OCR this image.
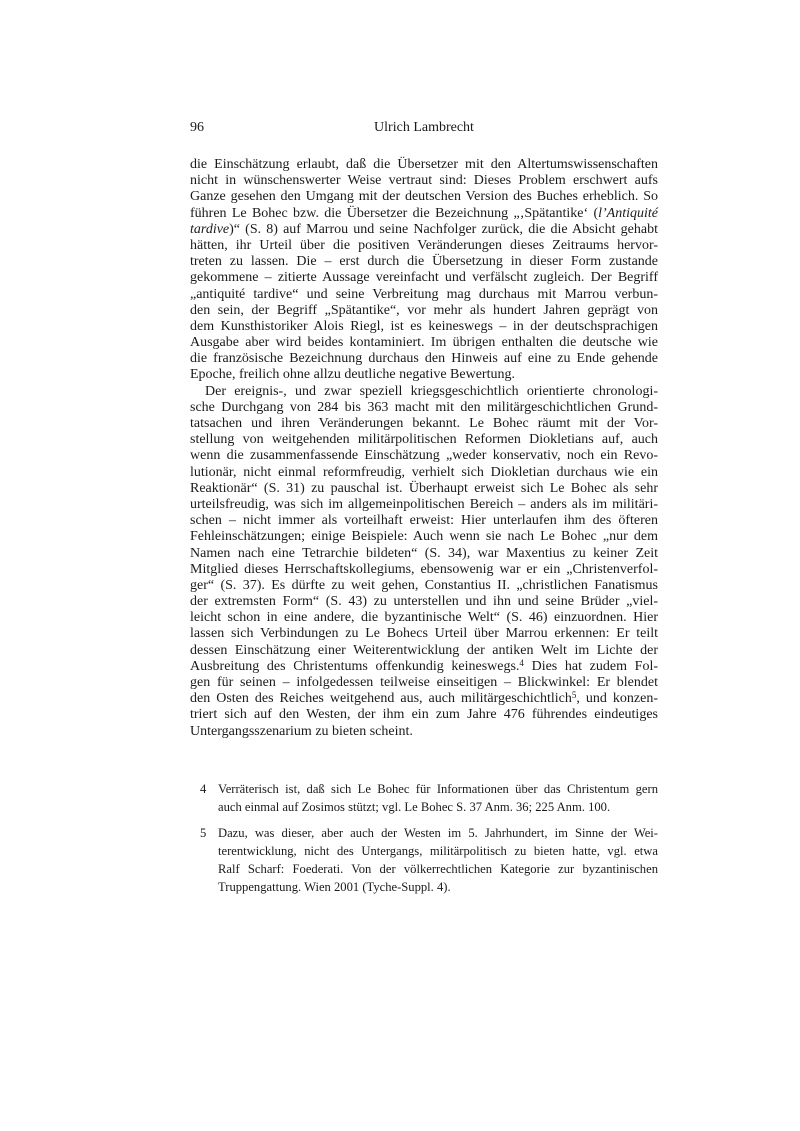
96	Ulrich Lambrecht
die Einschätzung erlaubt, daß die Übersetzer mit den Altertumswissenschaften
nicht in wünschenswerter Weise vertraut sind: Dieses Problem erschwert aufs
Ganze gesehen den Umgang mit der deutschen Version des Buches erheblich. So
führen Le Bohec bzw. die Übersetzer die Bezeichnung „‚Spätantike‘ (l’Antiquité
tardive)“ (S. 8) auf Marrou und seine Nachfolger zurück, die die Absicht gehabt
hätten, ihr Urteil über die positiven Veränderungen dieses Zeitraums hervor-
treten zu lassen. Die – erst durch die Übersetzung in dieser Form zustande
gekommene – zitierte Aussage vereinfacht und verfälscht zugleich. Der Begriff
„antiquité tardive“ und seine Verbreitung mag durchaus mit Marrou verbun-
den sein, der Begriff „Spätantike“, vor mehr als hundert Jahren geprägt von
dem Kunsthistoriker Alois Riegl, ist es keineswegs – in der deutschsprachigen
Ausgabe aber wird beides kontaminiert. Im übrigen enthalten die deutsche wie
die französische Bezeichnung durchaus den Hinweis auf eine zu Ende gehende
Epoche, freilich ohne allzu deutliche negative Bewertung.
Der ereignis-, und zwar speziell kriegsgeschichtlich orientierte chronologi-
sche Durchgang von 284 bis 363 macht mit den militärgeschichtlichen Grund-
tatsachen und ihren Veränderungen bekannt. Le Bohec räumt mit der Vor-
stellung von weitgehenden militärpolitischen Reformen Diokletians auf, auch
wenn die zusammenfassende Einschätzung „weder konservativ, noch ein Revo-
lutionär, nicht einmal reformfreudig, verhielt sich Diokletian durchaus wie ein
Reaktionär“ (S. 31) zu pauschal ist. Überhaupt erweist sich Le Bohec als sehr
urteilsfreudig, was sich im allgemeinpolitischen Bereich – anders als im militäri-
schen – nicht immer als vorteilhaft erweist: Hier unterlaufen ihm des öfteren
Fehleinschätzungen; einige Beispiele: Auch wenn sie nach Le Bohec „nur dem
Namen nach eine Tetrarchie bildeten“ (S. 34), war Maxentius zu keiner Zeit
Mitglied dieses Herrschaftskollegiums, ebensowenig war er ein „Christenverfol-
ger“ (S. 37). Es dürfte zu weit gehen, Constantius II. „christlichen Fanatismus
der extremsten Form“ (S. 43) zu unterstellen und ihn und seine Brüder „viel-
leicht schon in eine andere, die byzantinische Welt“ (S. 46) einzuordnen. Hier
lassen sich Verbindungen zu Le Bohecs Urteil über Marrou erkennen: Er teilt
dessen Einschätzung einer Weiterentwicklung der antiken Welt im Lichte der
Ausbreitung des Christentums offenkundig keineswegs.$^4$ Dies hat zudem Fol-
gen für seinen – infolgedessen teilweise einseitigen – Blickwinkel: Er blendet
den Osten des Reiches weitgehend aus, auch militärgeschichtlich$^5$, und konzen-
triert sich auf den Westen, der ihm ein zum Jahre 476 führendes eindeutiges
Untergangsszenarium zu bieten scheint.
4 Verräterisch ist, daß sich Le Bohec für Informationen über das Christentum gern
auch einmal auf Zosimos stützt; vgl. Le Bohec S. 37 Anm. 36; 225 Anm. 100.
5 Dazu, was dieser, aber auch der Westen im 5. Jahrhundert, im Sinne der Wei-
terentwicklung, nicht des Untergangs, militärpolitisch zu bieten hatte, vgl. etwa
Ralf Scharf: Foederati. Von der völkerrechtlichen Kategorie zur byzantinischen
Truppengattung. Wien 2001 (Tyche-Suppl. 4).
